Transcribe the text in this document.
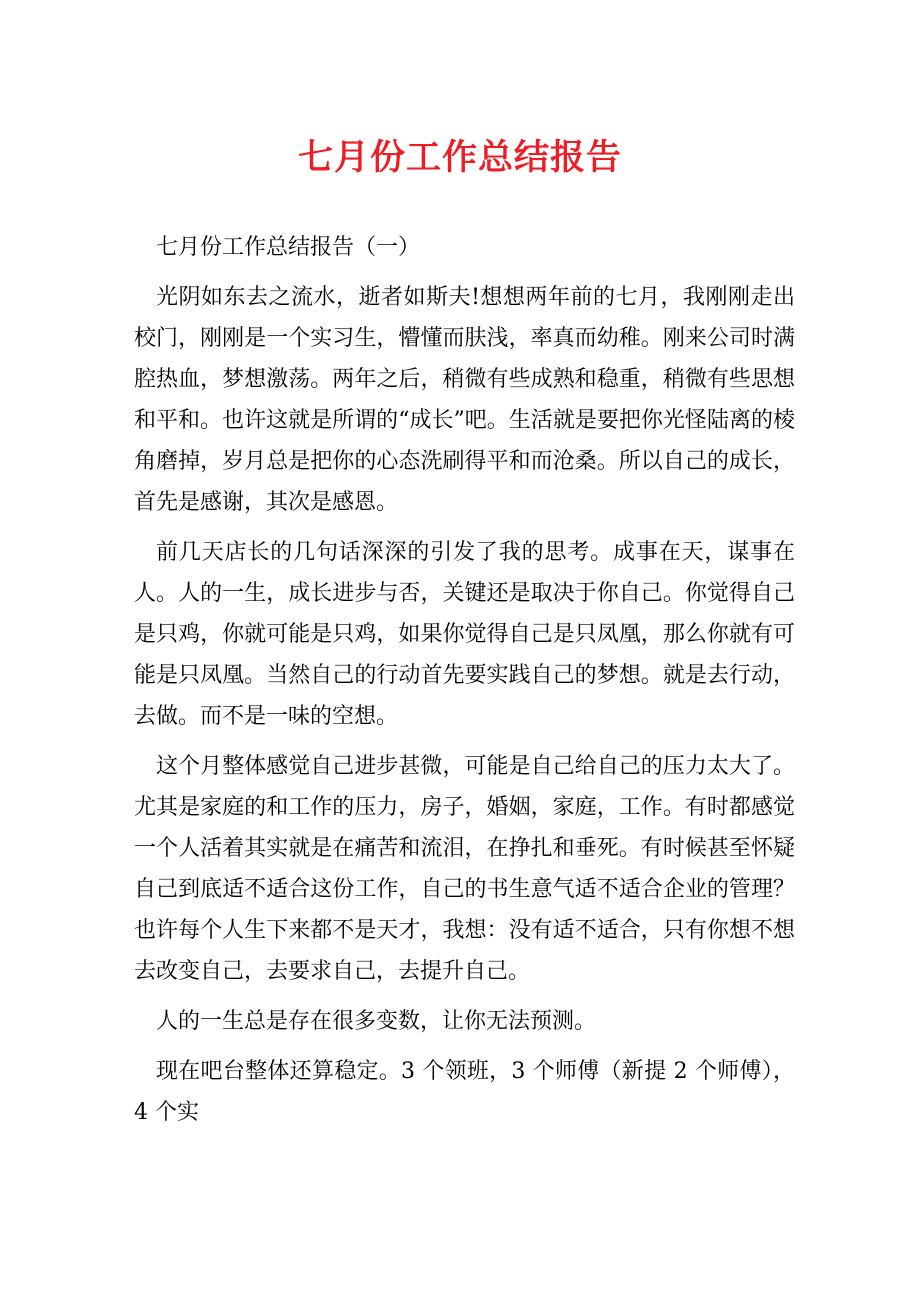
七月份工作总结报告

七月份工作总结报告（一）

光阴如东去之流水，逝者如斯夫!想想两年前的七月，我刚刚走出校门，刚刚是一个实习生，懵懂而肤浅，率真而幼稚。刚来公司时满腔热血，梦想激荡。两年之后，稍微有些成熟和稳重，稍微有些思想和平和。也许这就是所谓的“成长”吧。生活就是要把你光怪陆离的棱角磨掉，岁月总是把你的心态洗刷得平和而沧桑。所以自己的成长，首先是感谢，其次是感恩。

前几天店长的几句话深深的引发了我的思考。成事在天，谋事在人。人的一生，成长进步与否，关键还是取决于你自己。你觉得自己是只鸡，你就可能是只鸡，如果你觉得自己是只凤凰，那么你就有可能是只凤凰。当然自己的行动首先要实践自己的梦想。就是去行动，去做。而不是一味的空想。

这个月整体感觉自己进步甚微，可能是自己给自己的压力太大了。尤其是家庭的和工作的压力，房子，婚姻，家庭，工作。有时都感觉一个人活着其实就是在痛苦和流泪，在挣扎和垂死。有时候甚至怀疑自己到底适不适合这份工作，自己的书生意气适不适合企业的管理？也许每个人生下来都不是天才，我想：没有适不适合，只有你想不想去改变自己，去要求自己，去提升自己。

人的一生总是存在很多变数，让你无法预测。

现在吧台整体还算稳定。3 个领班，3 个师傅（新提 2 个师傅），4 个实
